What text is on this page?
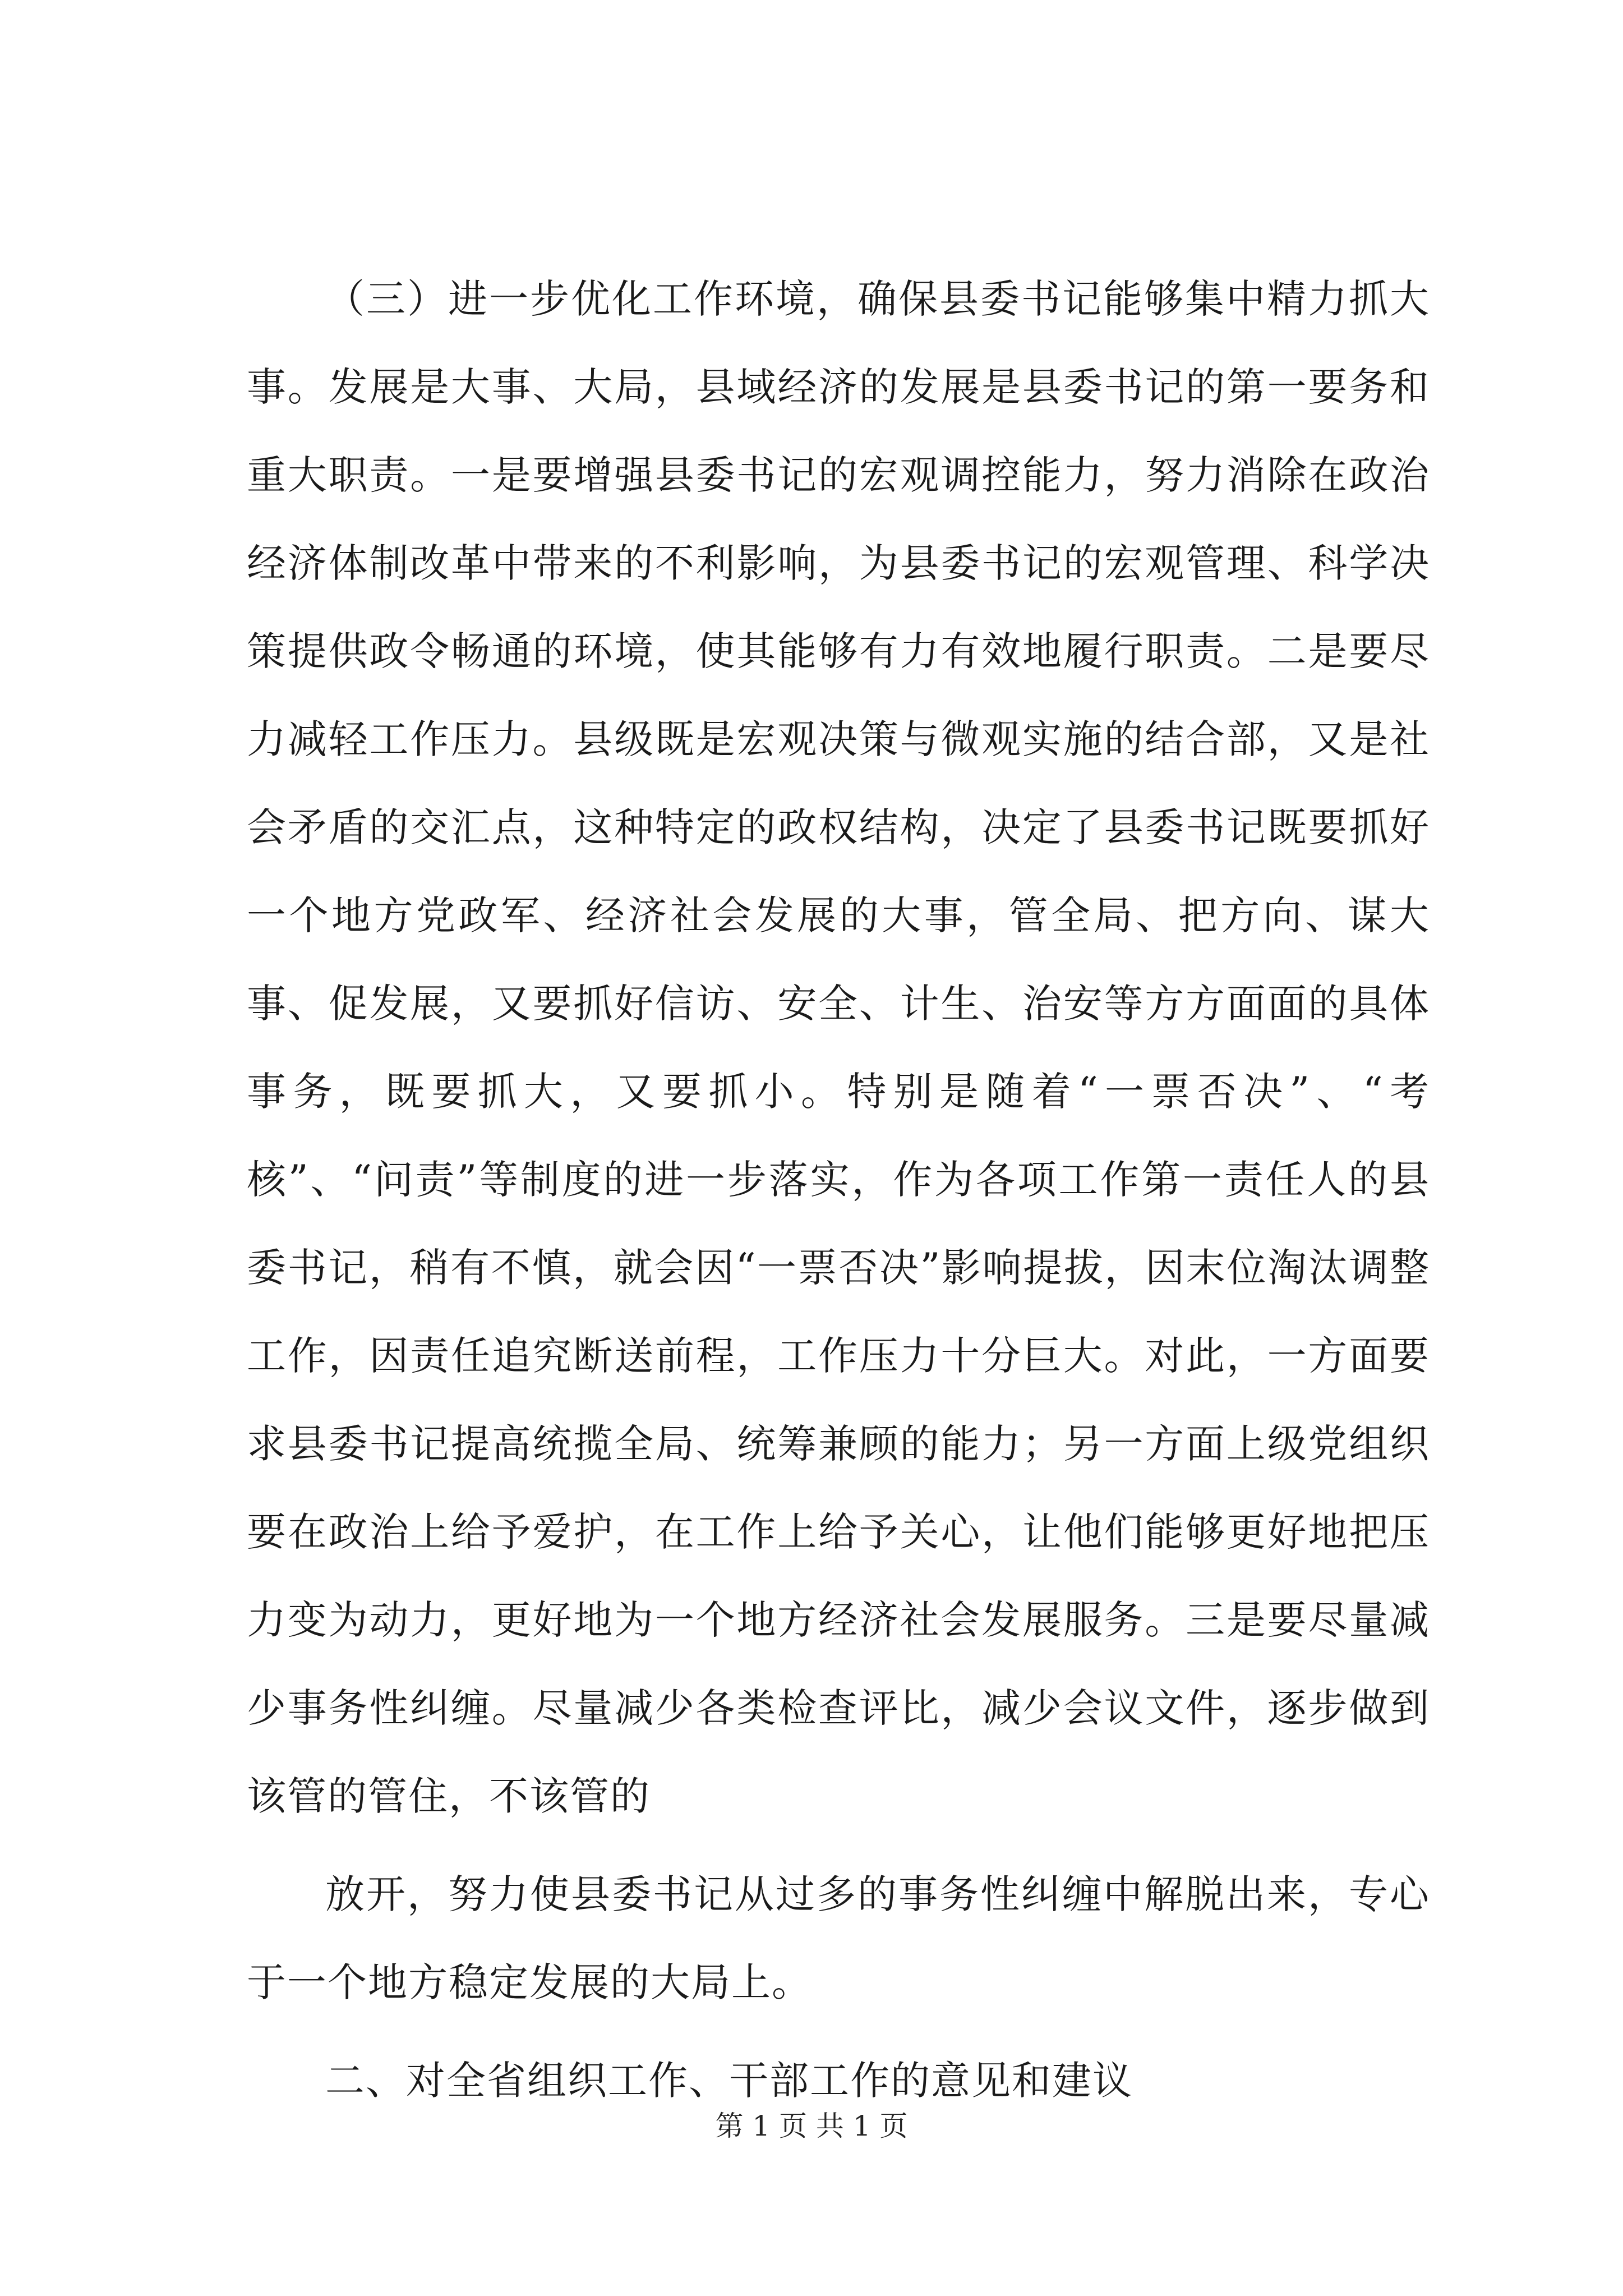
（三）进一步优化工作环境，确保县委书记能够集中精力抓大事。发展是大事、大局，县域经济的发展是县委书记的第一要务和重大职责。一是要增强县委书记的宏观调控能力，努力消除在政治经济体制改革中带来的不利影响，为县委书记的宏观管理、科学决策提供政令畅通的环境，使其能够有力有效地履行职责。二是要尽力减轻工作压力。县级既是宏观决策与微观实施的结合部，又是社会矛盾的交汇点，这种特定的政权结构，决定了县委书记既要抓好一个地方党政军、经济社会发展的大事，管全局、把方向、谋大事、促发展，又要抓好信访、安全、计生、治安等方方面面的具体事务，既要抓大，又要抓小。特别是随着“一票否决”、“考核”、“问责”等制度的进一步落实，作为各项工作第一责任人的县委书记，稍有不慎，就会因“一票否决”影响提拔，因末位淘汰调整工作，因责任追究断送前程，工作压力十分巨大。对此，一方面要求县委书记提高统揽全局、统筹兼顾的能力；另一方面上级党组织要在政治上给予爱护，在工作上给予关心，让他们能够更好地把压力变为动力，更好地为一个地方经济社会发展服务。三是要尽量减少事务性纠缠。尽量减少各类检查评比，减少会议文件，逐步做到该管的管住，不该管的

放开，努力使县委书记从过多的事务性纠缠中解脱出来，专心于一个地方稳定发展的大局上。

二、对全省组织工作、干部工作的意见和建议

第 1 页 共 1 页
